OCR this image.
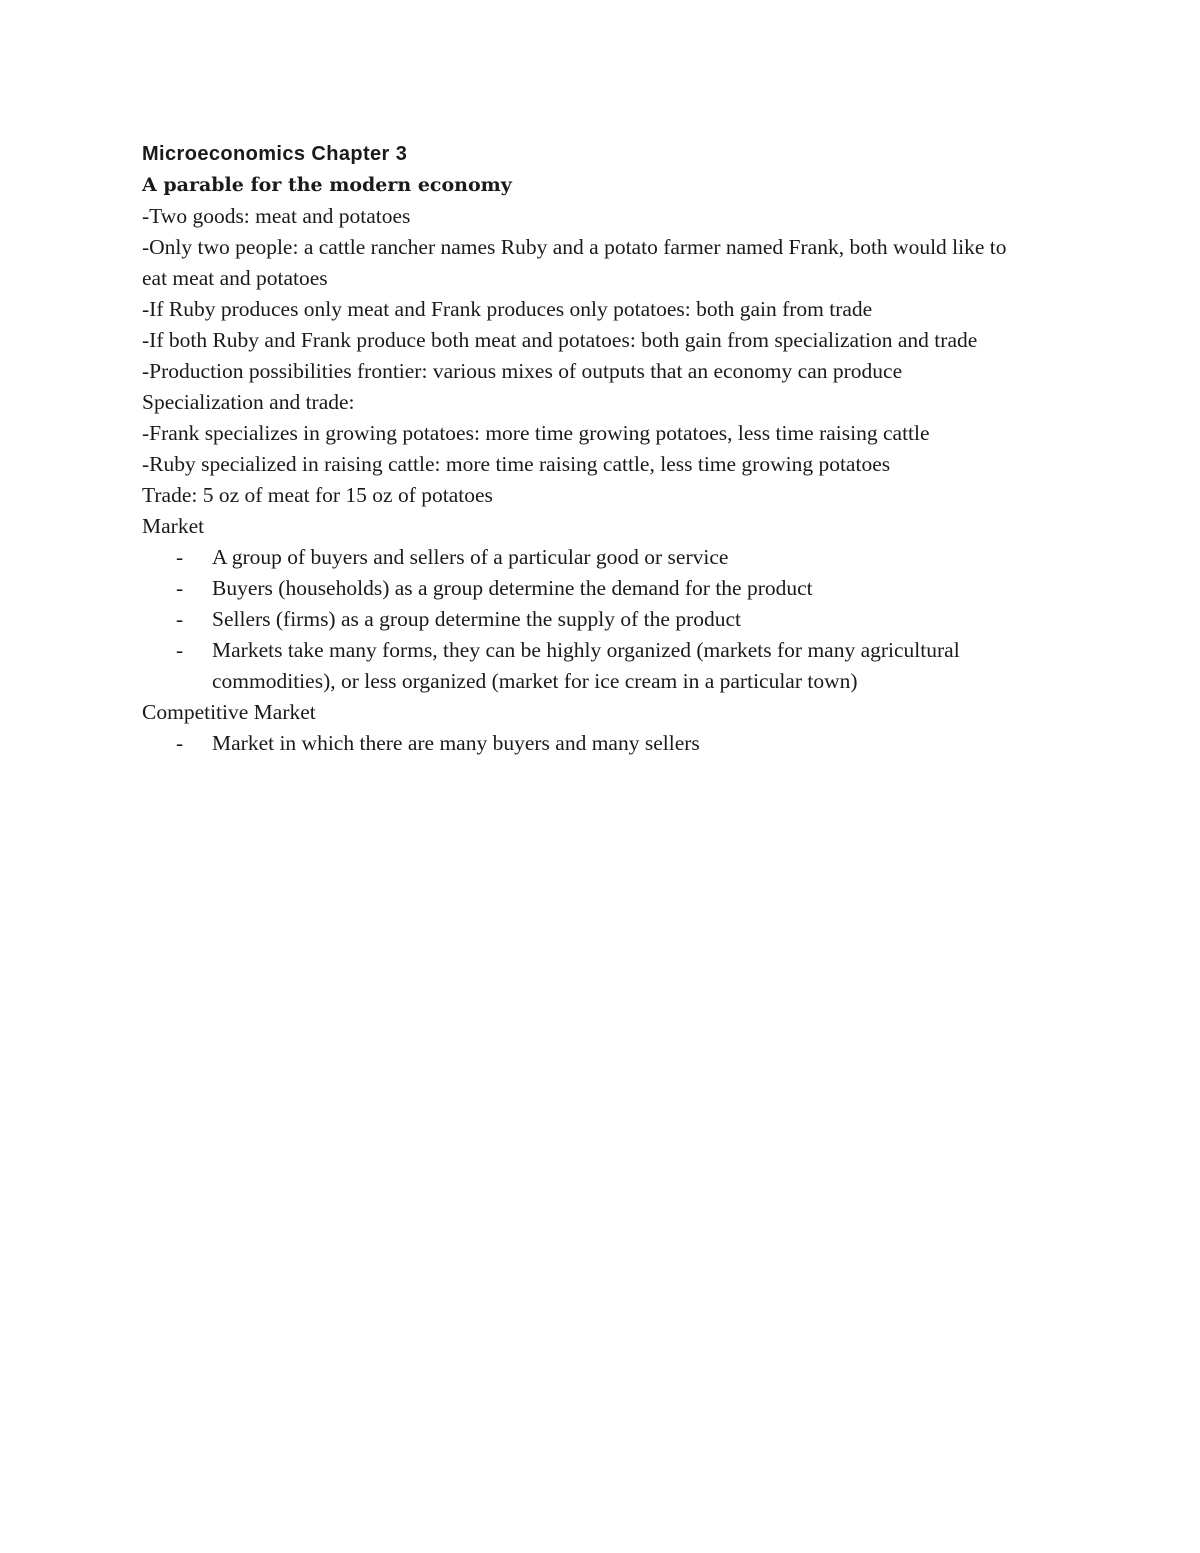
Microeconomics Chapter 3

A parable for the modern economy

-Two goods: meat and potatoes

-Only two people: a cattle rancher names Ruby and a potato farmer named Frank, both would like to eat meat and potatoes

-If Ruby produces only meat and Frank produces only potatoes: both gain from trade

-If both Ruby and Frank produce both meat and potatoes: both gain from specialization and trade

-Production possibilities frontier: various mixes of outputs that an economy can produce

Specialization and trade:

-Frank specializes in growing potatoes: more time growing potatoes, less time raising cattle

-Ruby specialized in raising cattle: more time raising cattle, less time growing potatoes

Trade: 5 oz of meat for 15 oz of potatoes

Market

- A group of buyers and sellers of a particular good or service
- Buyers (households) as a group determine the demand for the product
- Sellers (firms) as a group determine the supply of the product
- Markets take many forms, they can be highly organized (markets for many agricultural commodities), or less organized (market for ice cream in a particular town)

Competitive Market

- Market in which there are many buyers and many sellers
